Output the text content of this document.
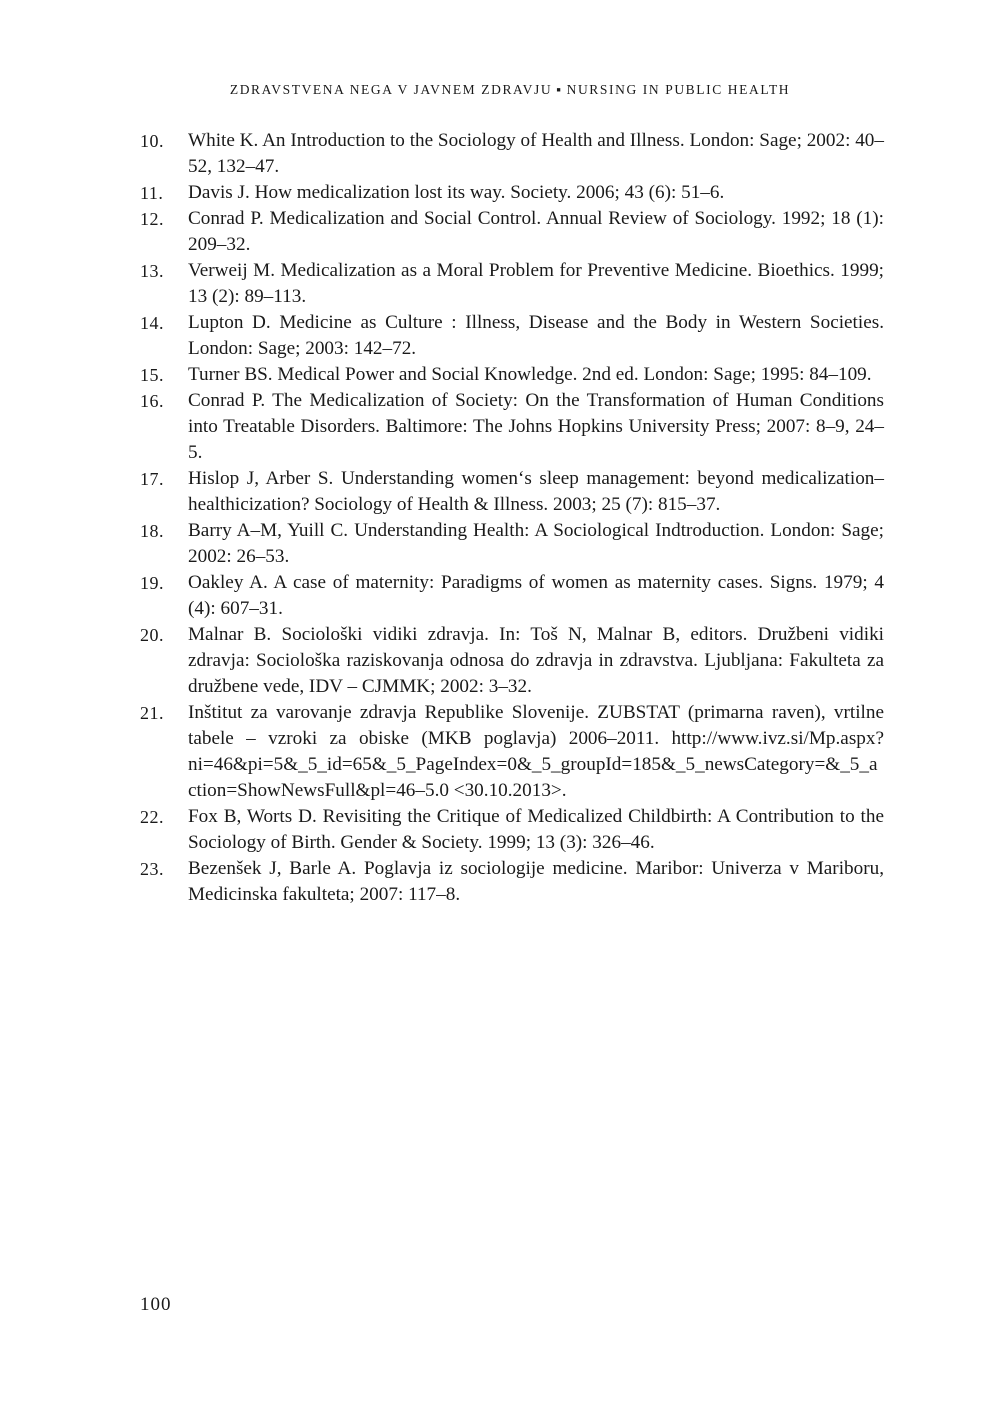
ZDRAVSTVENA NEGA V JAVNEM ZDRAVJU ▪ NURSING IN PUBLIC HEALTH
10.	White K. An Introduction to the Sociology of Health and Illness. London: Sage; 2002: 40–52, 132–47.
11.	Davis J. How medicalization lost its way. Society. 2006; 43 (6): 51–6.
12.	Conrad P. Medicalization and Social Control. Annual Review of Sociology. 1992; 18 (1): 209–32.
13.	Verweij M. Medicalization as a Moral Problem for Preventive Medicine. Bioethics. 1999; 13 (2): 89–113.
14.	Lupton D. Medicine as Culture : Illness, Disease and the Body in Western Societies. London: Sage; 2003: 142–72.
15.	Turner BS. Medical Power and Social Knowledge. 2nd ed. London: Sage; 1995: 84–109.
16.	Conrad P. The Medicalization of Society: On the Transformation of Human Conditions into Treatable Disorders. Baltimore: The Johns Hopkins University Press; 2007: 8–9, 24–5.
17.	Hislop J, Arber S. Understanding women‘s sleep management: beyond medicalization–healthicization? Sociology of Health & Illness. 2003; 25 (7): 815–37.
18.	Barry A–M, Yuill C. Understanding Health: A Sociological Indtroduction. London: Sage; 2002: 26–53.
19.	Oakley A. A case of maternity: Paradigms of women as maternity cases. Signs. 1979; 4 (4): 607–31.
20.	Malnar B. Sociološki vidiki zdravja. In: Toš N, Malnar B, editors. Družbeni vidiki zdravja: Sociološka raziskovanja odnosa do zdravja in zdravstva. Ljubljana: Fakulteta za družbene vede, IDV – CJMMK; 2002: 3–32.
21.	Inštitut za varovanje zdravja Republike Slovenije. ZUBSTAT (primarna raven), vrtilne tabele – vzroki za obiske (MKB poglavja) 2006–2011. http://www.ivz.si/Mp.aspx?ni=46&pi=5&_5_id=65&_5_PageIndex=0&_5_groupId=185&_5_newsCategory=&_5_action=ShowNewsFull&pl=46–5.0 <30.10.2013>.
22.	Fox B, Worts D. Revisiting the Critique of Medicalized Childbirth: A Contribution to the Sociology of Birth. Gender & Society. 1999; 13 (3): 326–46.
23.	Bezenšek J, Barle A. Poglavja iz sociologije medicine. Maribor: Univerza v Mariboru, Medicinska fakulteta; 2007: 117–8.
100
